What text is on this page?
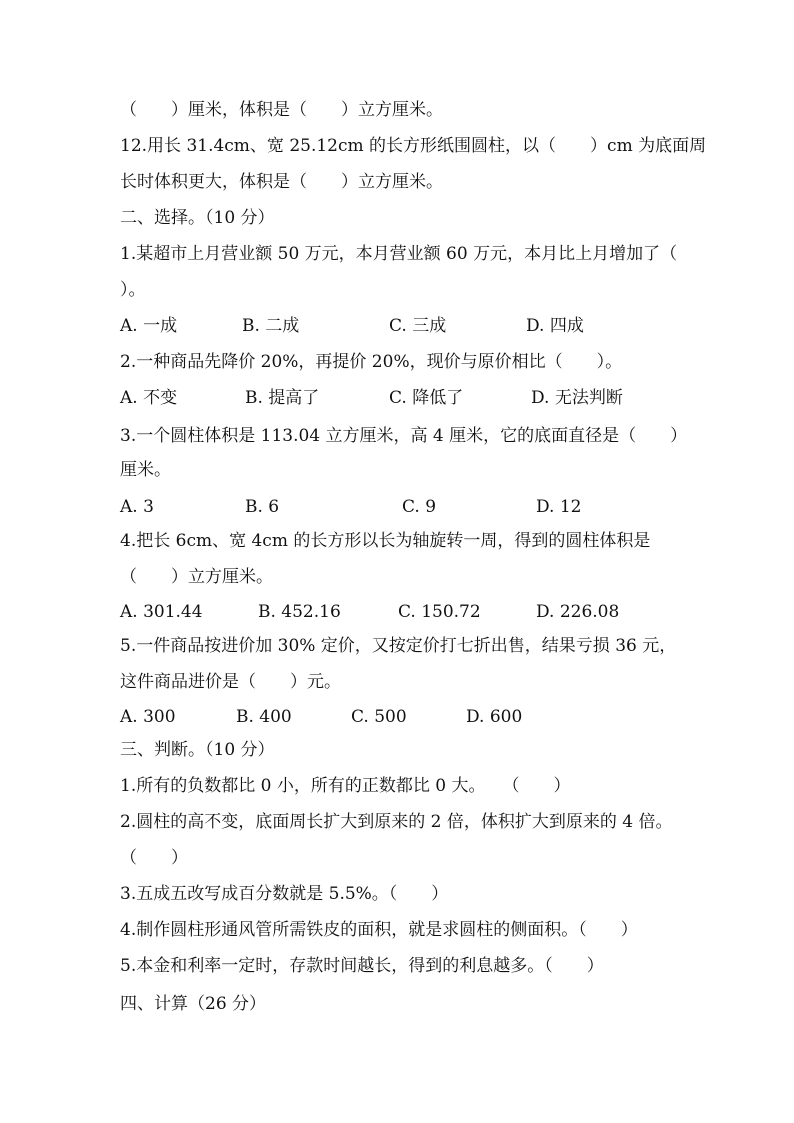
（　　）厘米，体积是（　　）立方厘米。
12.用长 31.4cm、宽 25.12cm 的长方形纸围圆柱，以（　　）cm 为底面周
长时体积更大，体积是（　　）立方厘米。
二、选择。（10 分）
1.某超市上月营业额 50 万元，本月营业额 60 万元，本月比上月增加了（
）。
A. 一成	B. 二成	C. 三成	D. 四成
2.一种商品先降价 20%，再提价 20%，现价与原价相比（　　）。
A. 不变	B. 提高了	C. 降低了	D. 无法判断
3.一个圆柱体积是 113.04 立方厘米，高 4 厘米，它的底面直径是（　　）
厘米。
A. 3	B. 6	C. 9	D. 12
4.把长 6cm、宽 4cm 的长方形以长为轴旋转一周，得到的圆柱体积是
（　　）立方厘米。
A. 301.44	B. 452.16	C. 150.72	D. 226.08
5.一件商品按进价加 30% 定价，又按定价打七折出售，结果亏损 36 元，
这件商品进价是（　　）元。
A. 300	B. 400	C. 500	D. 600
三、判断。（10 分）
1.所有的负数都比 0 小，所有的正数都比 0 大。　　（　　）
2.圆柱的高不变，底面周长扩大到原来的 2 倍，体积扩大到原来的 4 倍。
（　　）
3.五成五改写成百分数就是 5.5%。（　　）
4.制作圆柱形通风管所需铁皮的面积，就是求圆柱的侧面积。（　　）
5.本金和利率一定时，存款时间越长，得到的利息越多。（　　）
四、计算（26 分）
